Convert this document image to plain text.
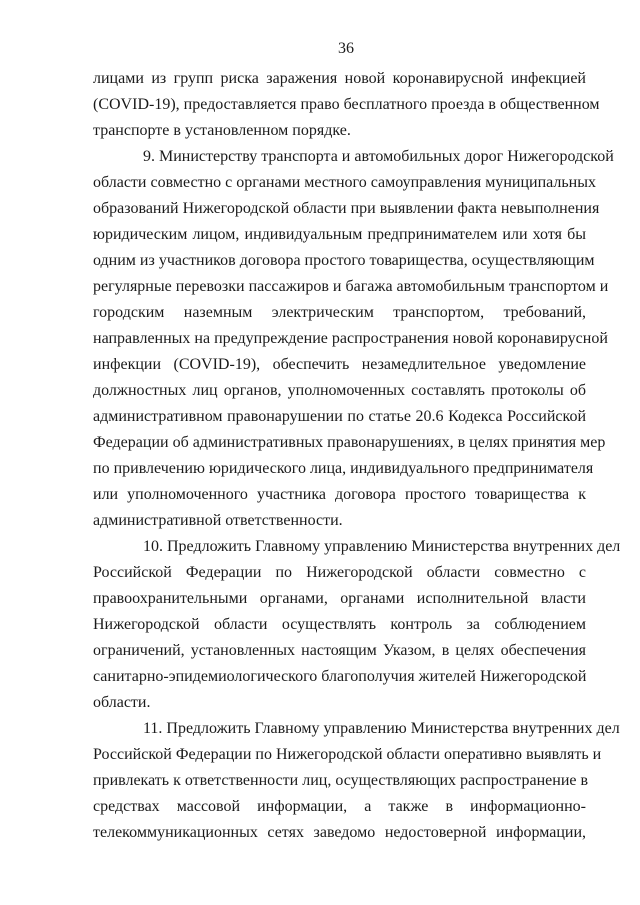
36
лицами из групп риска заражения новой коронавирусной инфекцией
(COVID-19), предоставляется право бесплатного проезда в общественном
транспорте в установленном порядке.
9. Министерству транспорта и автомобильных дорог Нижегородской
области совместно с органами местного самоуправления муниципальных
образований Нижегородской области при выявлении факта невыполнения
юридическим лицом, индивидуальным предпринимателем или хотя бы
одним из участников договора простого товарищества, осуществляющим
регулярные перевозки пассажиров и багажа автомобильным транспортом и
городским наземным электрическим транспортом, требований,
направленных на предупреждение распространения новой коронавирусной
инфекции (COVID-19), обеспечить незамедлительное уведомление
должностных лиц органов, уполномоченных составлять протоколы об
административном правонарушении по статье 20.6 Кодекса Российской
Федерации об административных правонарушениях, в целях принятия мер
по привлечению юридического лица, индивидуального предпринимателя
или уполномоченного участника договора простого товарищества к
административной ответственности.
10. Предложить Главному управлению Министерства внутренних дел
Российской Федерации по Нижегородской области совместно с
правоохранительными органами, органами исполнительной власти
Нижегородской области осуществлять контроль за соблюдением
ограничений, установленных настоящим Указом, в целях обеспечения
санитарно-эпидемиологического благополучия жителей Нижегородской
области.
11. Предложить Главному управлению Министерства внутренних дел
Российской Федерации по Нижегородской области оперативно выявлять и
привлекать к ответственности лиц, осуществляющих распространение в
средствах массовой информации, а также в информационно-
телекоммуникационных сетях заведомо недостоверной информации,
